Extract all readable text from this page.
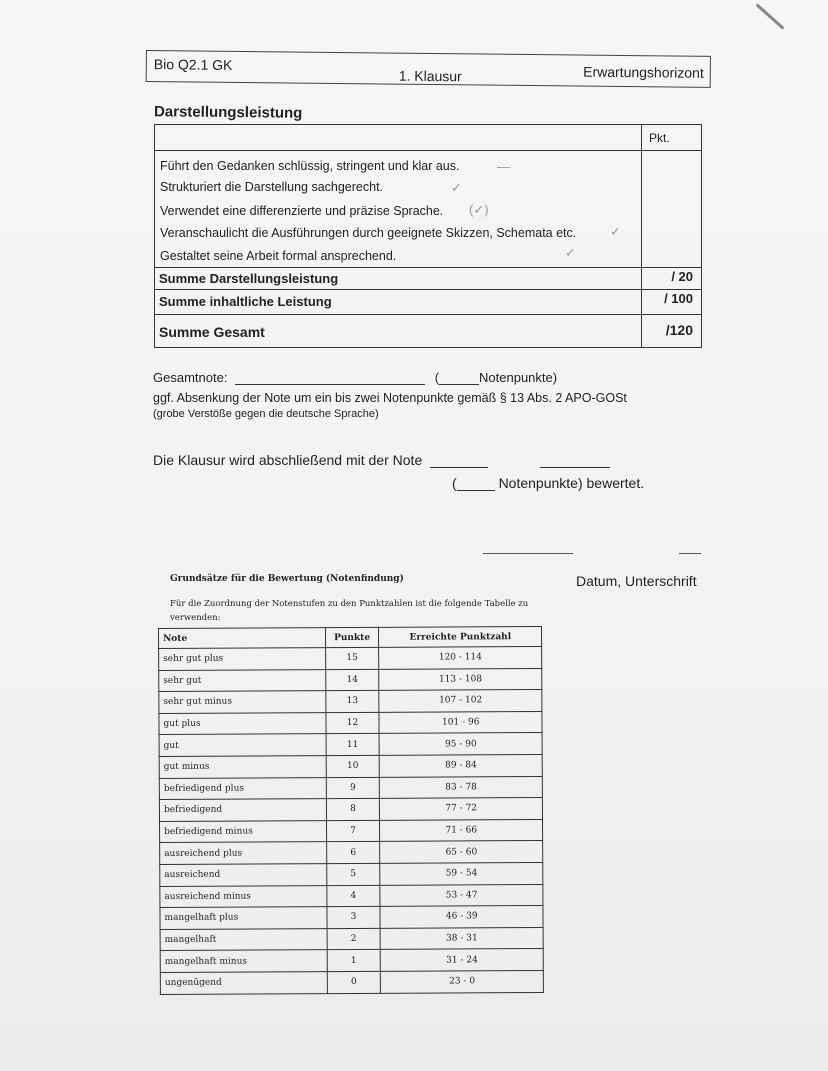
Bio Q2.1 GK
1. Klausur	Erwartungshorizont
Darstellungsleistung
Pkt.
Führt den Gedanken schlüssig, stringent und klar aus.	—
Strukturiert die Darstellung sachgerecht.	✓
Verwendet eine differenzierte und präzise Sprache. (✓)
Veranschaulicht die Ausführungen durch geeignete Skizzen, Schemata etc.	✓
Gestaltet seine Arbeit formal ansprechend.	✓
Summe Darstellungsleistung	/ 20
Summe inhaltliche Leistung	/ 100
Summe Gesamt	/120
Gesamtnote:	(	Notenpunkte)
ggf. Absenkung der Note um ein bis zwei Notenpunkte gemäß § 13 Abs. 2 APO-GOSt
(grobe Verstöße gegen die deutsche Sprache)
Die Klausur wird abschließend mit der Note
(	Notenpunkte) bewertet.
Datum, Unterschrift
Grundsätze für die Bewertung (Notenfindung)
Für die Zuordnung der Notenstufen zu den Punktzahlen ist die folgende Tabelle zu verwenden:
Note	Punkte	Erreichte Punktzahl
sehr gut plus	15	120 - 114
sehr gut	14	113 - 108
sehr gut minus	13	107 - 102
gut plus	12	101 - 96
gut	11	95 - 90
gut minus	10	89 - 84
befriedigend plus	9	83 - 78
befriedigend	8	77 - 72
befriedigend minus	7	71 - 66
ausreichend plus	6	65 - 60
ausreichend	5	59 - 54
ausreichend minus	4	53 - 47
mangelhaft plus	3	46 - 39
mangelhaft	2	38 - 31
mangelhaft minus	1	31 - 24
ungenügend	0	23 - 0
